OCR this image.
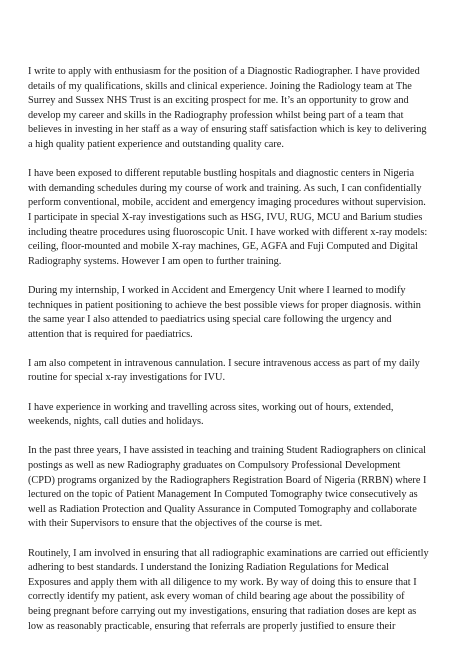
I write to apply with enthusiasm for the position of a Diagnostic Radiographer. I have provided
details of my qualifications, skills and clinical experience. Joining the Radiology team at The
Surrey and Sussex NHS Trust is an exciting prospect for me. It’s an opportunity to grow and
develop my career and skills in the Radiography profession whilst being part of a team that
believes in investing in her staff as a way of ensuring staff satisfaction which is key to delivering
a high quality patient experience and outstanding quality care.

I have been exposed to different reputable bustling hospitals and diagnostic centers in Nigeria
with demanding schedules during my course of work and training. As such, I can confidentially
perform conventional, mobile, accident and emergency imaging procedures without supervision.
I participate in special X-ray investigations such as HSG, IVU, RUG, MCU and Barium studies
including theatre procedures using fluoroscopic Unit. I have worked with different x-ray models:
ceiling, floor-mounted and mobile X-ray machines, GE, AGFA and Fuji Computed and Digital
Radiography systems. However I am open to further training.

During my internship, I worked in Accident and Emergency Unit where I learned to modify
techniques in patient positioning to achieve the best possible views for proper diagnosis. within
the same year I also attended to paediatrics using special care following the urgency and
attention that is required for paediatrics.

I am also competent in intravenous cannulation. I secure intravenous access as part of my daily
routine for special x-ray investigations for IVU.

I have experience in working and travelling across sites, working out of hours, extended,
weekends, nights, call duties and holidays.

In the past three years, I have assisted in teaching and training Student Radiographers on clinical
postings as well as new Radiography graduates on Compulsory Professional Development
(CPD) programs organized by the Radiographers Registration Board of Nigeria (RRBN) where I
lectured on the topic of Patient Management In Computed Tomography twice consecutively as
well as Radiation Protection and Quality Assurance in Computed Tomography and collaborate
with their Supervisors to ensure that the objectives of the course is met.

Routinely, I am involved in ensuring that all radiographic examinations are carried out efficiently
adhering to best standards. I understand the Ionizing Radiation Regulations for Medical
Exposures and apply them with all diligence to my work. By way of doing this to ensure that I
correctly identify my patient, ask every woman of child bearing age about the possibility of
being pregnant before carrying out my investigations, ensuring that radiation doses are kept as
low as reasonably practicable, ensuring that referrals are properly justified to ensure their
